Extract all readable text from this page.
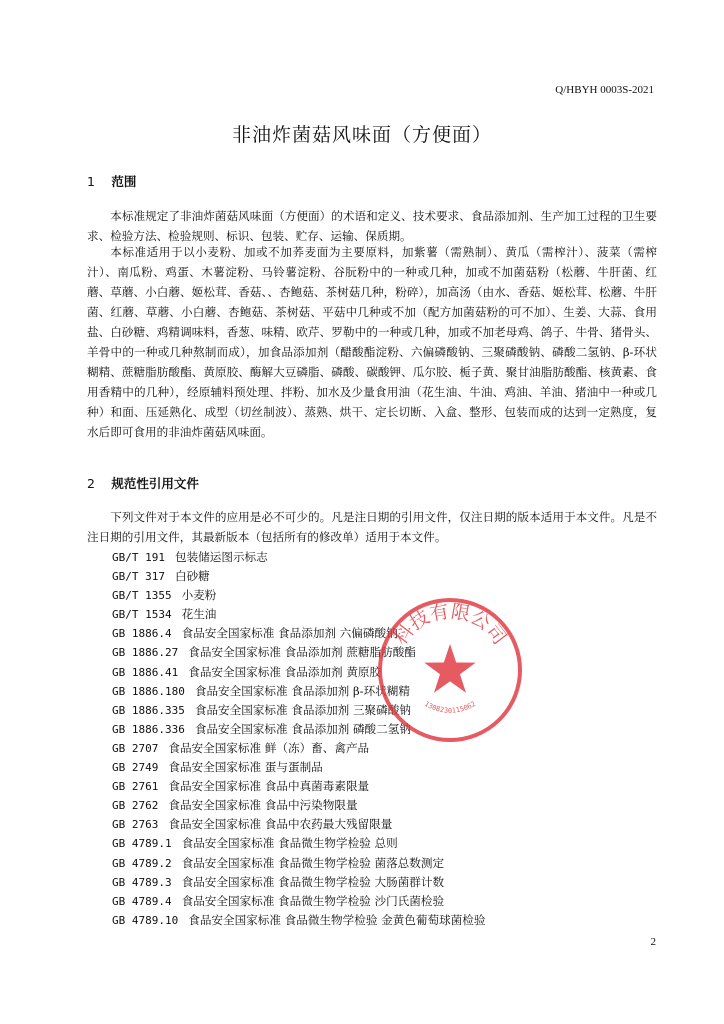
Q/HBYH 0003S-2021
非油炸菌菇风味面（方便面）
1 范围

本标准规定了非油炸菌菇风味面（方便面）的术语和定义、技术要求、食品添加剂、生产加工过程的卫生要求、检验方法、检验规则、标识、包装、贮存、运输、保质期。

本标准适用于以小麦粉、加或不加荞麦面为主要原料，加紫薯（需熟制）、黄瓜（需榨汁）、菠菜（需榨汁）、南瓜粉、鸡蛋、木薯淀粉、马铃薯淀粉、谷朊粉中的一种或几种，加或不加菌菇粉（松蘑、牛肝菌、红蘑、草蘑、小白蘑、姬松茸、香菇、、杏鲍菇、茶树菇几种，粉碎），加高汤（由水、香菇、姬松茸、松蘑、牛肝菌、红蘑、草蘑、小白蘑、杏鲍菇、茶树菇、平菇中几种或不加（配方加菌菇粉的可不加）、生姜、大蒜、食用盐、白砂糖、鸡精调味料，香葱、味精、欧芹、罗勒中的一种或几种，加或不加老母鸡、鸽子、牛骨、猪骨头、羊骨中的一种或几种熬制而成），加食品添加剂（醋酸酯淀粉、六偏磷酸钠、三聚磷酸钠、磷酸二氢钠、β-环状糊精、蔗糖脂肪酸酯、黄原胶、酶解大豆磷脂、磷酸、碳酸钾、瓜尔胶、栀子黄、聚甘油脂肪酸酯、核黄素、食用香精中的几种），经原辅料预处理、拌粉、加水及少量食用油（花生油、牛油、鸡油、羊油、猪油中一种或几种）和面、压延熟化、成型（切丝制波）、蒸熟、烘干、定长切断、入盒、整形、包装而成的达到一定熟度，复水后即可食用的非油炸菌菇风味面。

2 规范性引用文件

下列文件对于本文件的应用是必不可少的。凡是注日期的引用文件，仅注日期的版本适用于本文件。凡是不注日期的引用文件，其最新版本（包括所有的修改单）适用于本文件。

GB/T 191 包装储运图示标志
GB/T 317 白砂糖
GB/T 1355 小麦粉
GB/T 1534 花生油
GB 1886.4 食品安全国家标准 食品添加剂 六偏磷酸钠
GB 1886.27 食品安全国家标准 食品添加剂 蔗糖脂肪酸酯
GB 1886.41 食品安全国家标准 食品添加剂 黄原胶
GB 1886.180 食品安全国家标准 食品添加剂 β-环状糊精
GB 1886.335 食品安全国家标准 食品添加剂 三聚磷酸钠
GB 1886.336 食品安全国家标准 食品添加剂 磷酸二氢钠
GB 2707 食品安全国家标准 鲜（冻）畜、禽产品
GB 2749 食品安全国家标准 蛋与蛋制品
GB 2761 食品安全国家标准 食品中真菌毒素限量
GB 2762 食品安全国家标准 食品中污染物限量
GB 2763 食品安全国家标准 食品中农药最大残留限量
GB 4789.1 食品安全国家标准 食品微生物学检验 总则
GB 4789.2 食品安全国家标准 食品微生物学检验 菌落总数测定
GB 4789.3 食品安全国家标准 食品微生物学检验 大肠菌群计数
GB 4789.4 食品安全国家标准 食品微生物学检验 沙门氏菌检验
GB 4789.10 食品安全国家标准 食品微生物学检验 金黄色葡萄球菌检验
科技有限公司
1308230115062
2
